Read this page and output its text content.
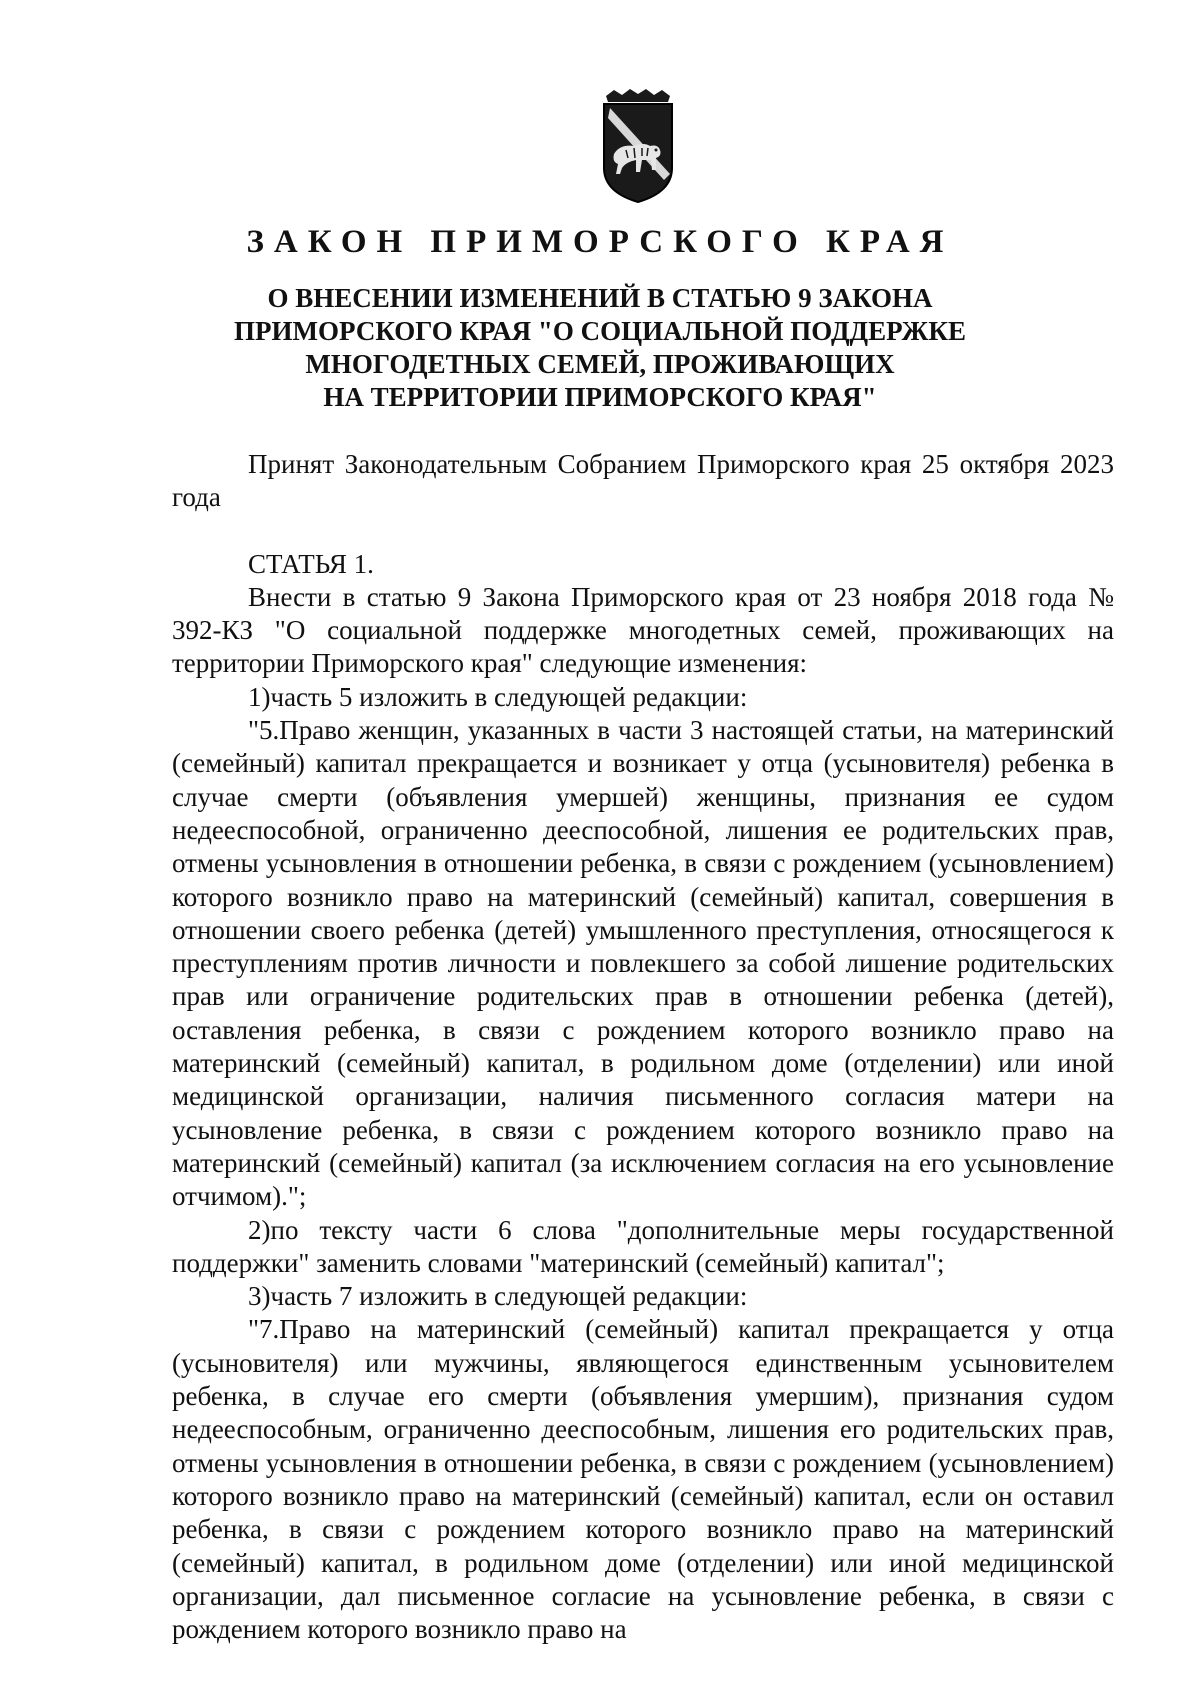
ЗАКОН ПРИМОРСКОГО КРАЯ
О ВНЕСЕНИИ ИЗМЕНЕНИЙ В СТАТЬЮ 9 ЗАКОНА
ПРИМОРСКОГО КРАЯ "О СОЦИАЛЬНОЙ ПОДДЕРЖКЕ
МНОГОДЕТНЫХ СЕМЕЙ, ПРОЖИВАЮЩИХ
НА ТЕРРИТОРИИ ПРИМОРСКОГО КРАЯ"

Принят Законодательным Собранием Приморского края 25 октября 2023 года

СТАТЬЯ 1.

Внести в статью 9 Закона Приморского края от 23 ноября 2018 года № 392-КЗ "О социальной поддержке многодетных семей, проживающих на территории Приморского края" следующие изменения:

1)часть 5 изложить в следующей редакции:

"5.Право женщин, указанных в части 3 настоящей статьи, на материнский (семейный) капитал прекращается и возникает у отца (усыновителя) ребенка в случае смерти (объявления умершей) женщины, признания ее судом недееспособной, ограниченно дееспособной, лишения ее родительских прав, отмены усыновления в отношении ребенка, в связи с рождением (усыновлением) которого возникло право на материнский (семейный) капитал, совершения в отношении своего ребенка (детей) умышленного преступления, относящегося к преступлениям против личности и повлекшего за собой лишение родительских прав или ограничение родительских прав в отношении ребенка (детей), оставления ребенка, в связи с рождением которого возникло право на материнский (семейный) капитал, в родильном доме (отделении) или иной медицинской организации, наличия письменного согласия матери на усыновление ребенка, в связи с рождением которого возникло право на материнский (семейный) капитал (за исключением согласия на его усыновление отчимом).";

2)по тексту части 6 слова "дополнительные меры государственной поддержки" заменить словами "материнский (семейный) капитал";

3)часть 7 изложить в следующей редакции:

"7.Право на материнский (семейный) капитал прекращается у отца (усыновителя) или мужчины, являющегося единственным усыновителем ребенка, в случае его смерти (объявления умершим), признания судом недееспособным, ограниченно дееспособным, лишения его родительских прав, отмены усыновления в отношении ребенка, в связи с рождением (усыновлением) которого возникло право на материнский (семейный) капитал, если он оставил ребенка, в связи с рождением которого возникло право на материнский (семейный) капитал, в родильном доме (отделении) или иной медицинской организации, дал письменное согласие на усыновление ребенка, в связи с рождением которого возникло право на
